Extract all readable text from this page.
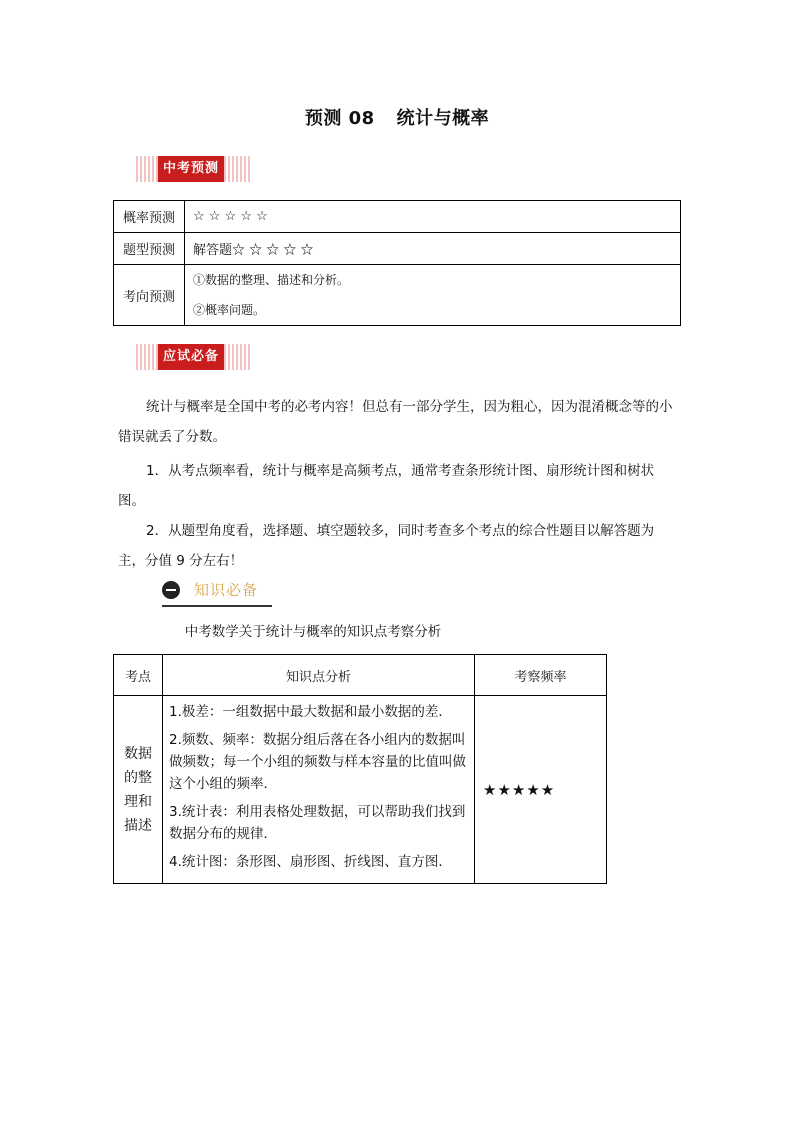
预测 08 统计与概率
中考预测
概率预测	☆ ☆ ☆ ☆ ☆
题型预测	解答题☆ ☆ ☆ ☆ ☆
考向预测	①数据的整理、描述和分析。
②概率问题。
应试必备
统计与概率是全国中考的必考内容！但总有一部分学生，因为粗心，因为混淆概念等的小错误就丢了分数。
1．从考点频率看，统计与概率是高频考点，通常考查条形统计图、扇形统计图和树状图。
2．从题型角度看，选择题、填空题较多，同时考查多个考点的综合性题目以解答题为主，分值 9 分左右！
知识必备
中考数学关于统计与概率的知识点考察分析
考点	知识点分析	考察频率
数据的整理和描述	1.极差：一组数据中最大数据和最小数据的差．

2.频数、频率：数据分组后落在各小组内的数据叫做频数；每一个小组的频数与样本容量的比值叫做这个小组的频率．

3.统计表：利用表格处理数据，可以帮助我们找到数据分布的规律．

4.统计图：条形图、扇形图、折线图、直方图．	★★★★★
